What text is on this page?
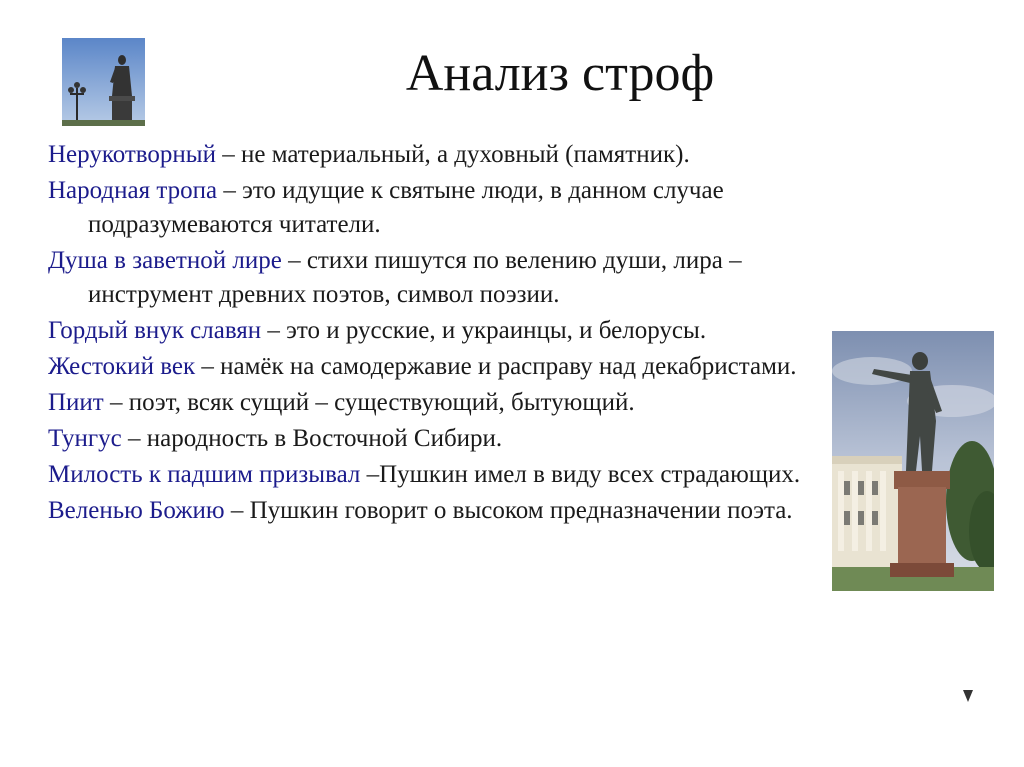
Анализ строф
Нерукотворный – не материальный, а духовный (памятник).
Народная тропа – это идущие к святыне люди, в данном случае подразумеваются читатели.
Душа в заветной лире – стихи пишутся по велению души, лира – инструмент древних поэтов, символ поэзии.
Гордый внук славян – это и русские, и украинцы, и белорусы.
Жестокий век – намёк на самодержавие и расправу над декабристами.
Пиит – поэт, всяк сущий – существующий, бытующий.
Тунгус – народность в Восточной Сибири.
Милость к падшим призывал –Пушкин имел в виду всех страдающих.
Веленью Божию – Пушкин говорит о высоком предназначении поэта.
